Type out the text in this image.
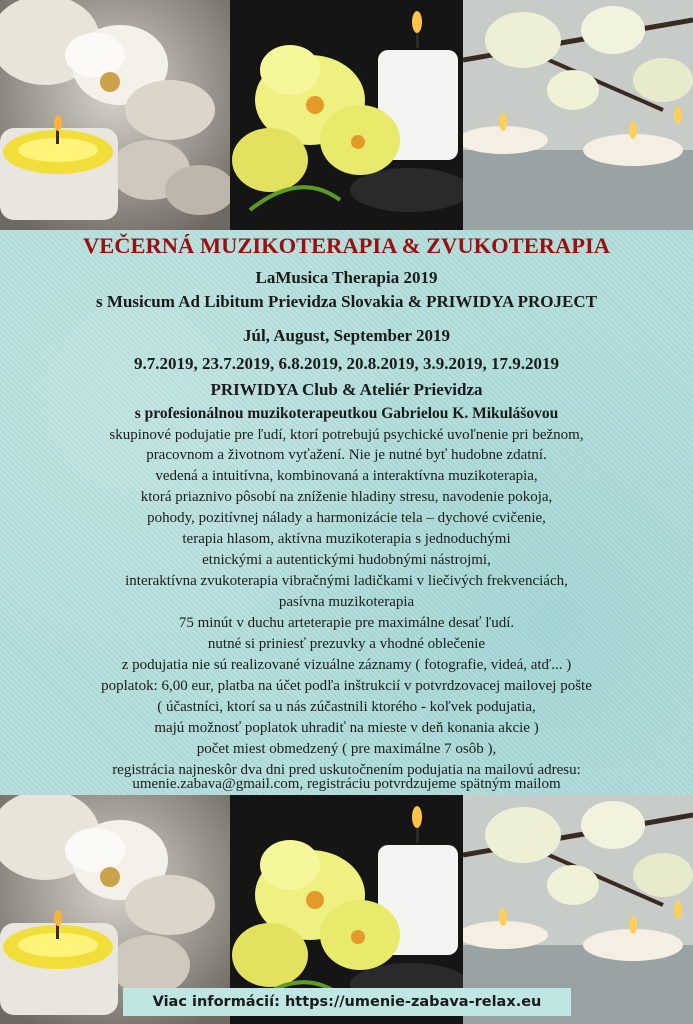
VEČERNÁ MUZIKOTERAPIA & ZVUKOTERAPIA
LaMusica Therapia 2019
s Musicum Ad Libitum Prievidza Slovakia & PRIWIDYA PROJECT
Júl, August, September 2019
9.7.2019, 23.7.2019, 6.8.2019, 20.8.2019, 3.9.2019, 17.9.2019
PRIWIDYA Club & Ateliér Prievidza
s profesionálnou muzikoterapeutkou Gabrielou K. Mikulášovou
skupinové podujatie pre ľudí, ktorí potrebujú psychické uvoľnenie pri bežnom,
pracovnom a životnom vyťažení. Nie je nutné byť hudobne zdatní.
vedená a intuitívna, kombinovaná a interaktívna muzikoterapia,
ktorá priaznivo pôsobí na zníženie hladiny stresu, navodenie pokoja,
pohody, pozitívnej nálady a harmonizácie tela – dychové cvičenie,
terapia hlasom, aktívna muzikoterapia s jednoduchými
etnickými a autentickými hudobnými nástrojmi,
interaktívna zvukoterapia vibračnými ladičkami v liečivých frekvenciách,
pasívna muzikoterapia
75 minút v duchu arteterapie pre maximálne desať ľudí.
nutné si priniesť prezuvky a vhodné oblečenie
z podujatia nie sú realizované vizuálne záznamy ( fotografie, videá, atď... )
poplatok: 6,00 eur, platba na účet podľa inštrukcií v potvrdzovacej mailovej pošte
( účastníci, ktorí sa u nás zúčastnili ktorého - koľvek podujatia,
majú možnosť poplatok uhradiť na mieste v deň konania akcie )
počet miest obmedzený ( pre maximálne 7 osôb ),
registrácia najneskôr dva dni pred uskutočnením podujatia na mailovú adresu:
umenie.zabava@gmail.com, registráciu potvrdzujeme spätným mailom
Viac informácií: https://umenie-zabava-relax.eu
